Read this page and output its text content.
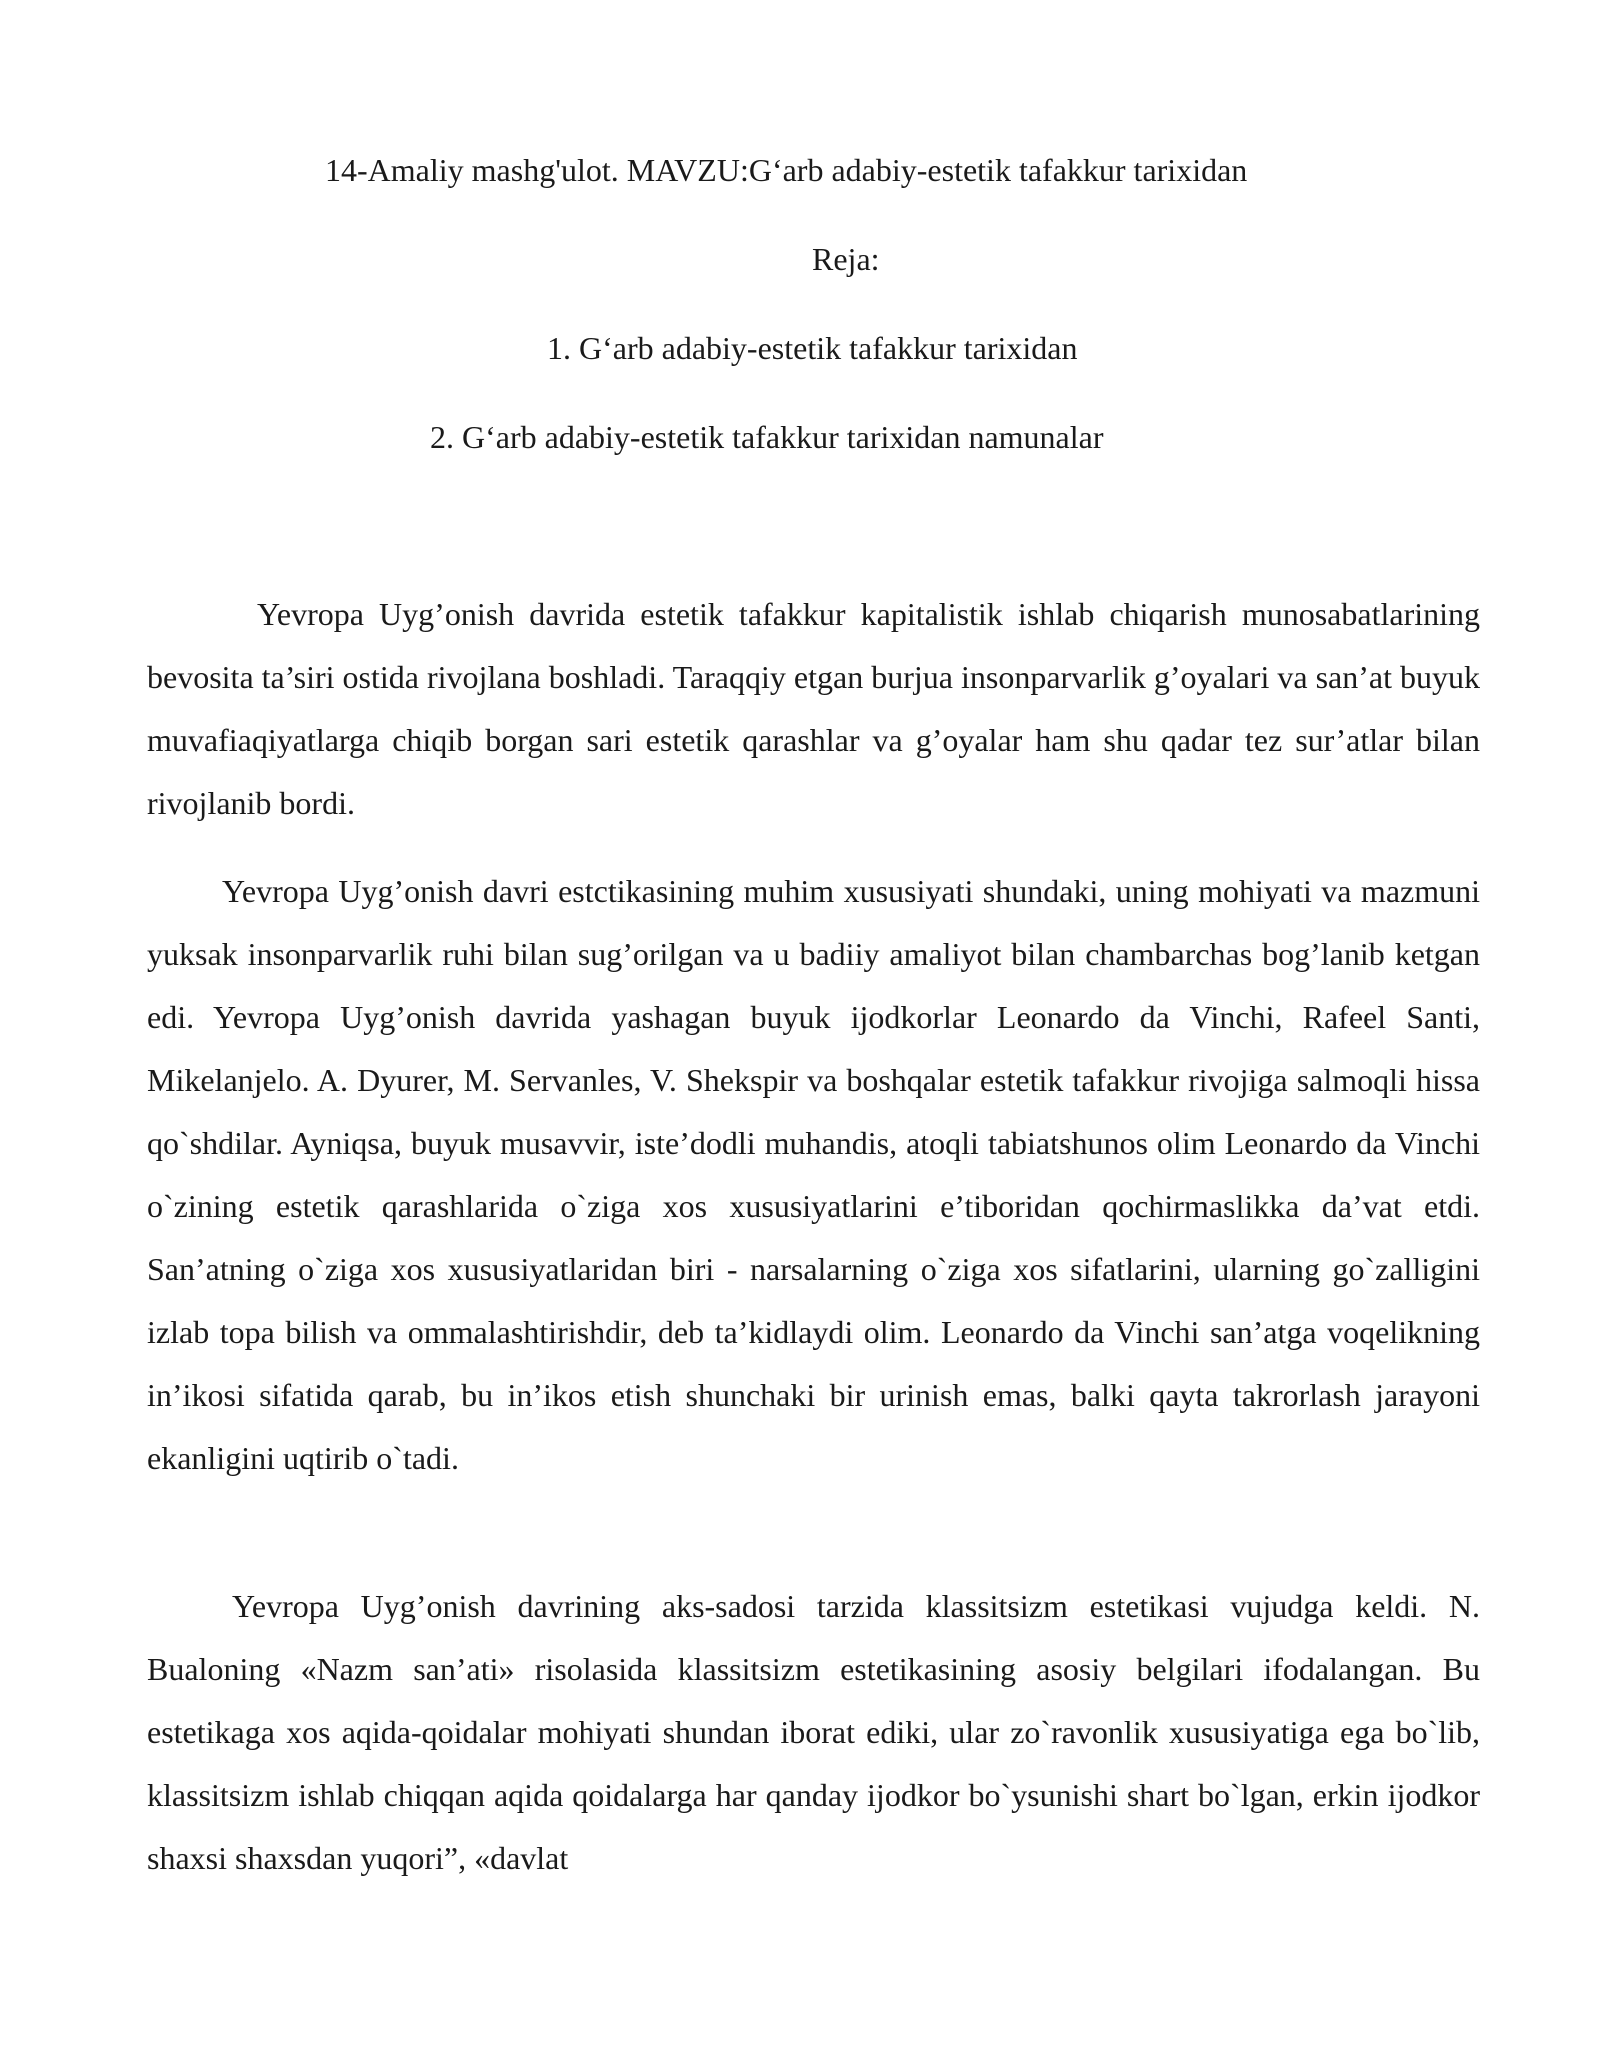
14-Amaliy mashg'ulot. MAVZU:G‘arb adabiy-estetik tafakkur tarixidan
Reja:
1. G‘arb adabiy-estetik tafakkur tarixidan
2. G‘arb adabiy-estetik tafakkur tarixidan namunalar

Yevropa Uyg’onish davrida estetik tafakkur kapitalistik ishlab chiqarish munosabatlarining bevosita ta’siri ostida rivojlana boshladi. Taraqqiy etgan burjua insonparvarlik g’oyalari va san’at buyuk muvafiaqiyatlarga chiqib borgan sari estetik qarashlar va g’oyalar ham shu qadar tez sur’atlar bilan rivojlanib bordi.

Yevropa Uyg’onish davri estctikasining muhim xususiyati shundaki, uning mohiyati va mazmuni yuksak insonparvarlik ruhi bilan sug’orilgan va u badiiy amaliyot bilan chambarchas bog’lanib ketgan edi. Yevropa Uyg’onish davrida yashagan buyuk ijodkorlar Leonardo da Vinchi, Rafeel Santi, Mikelanjelo. A. Dyurer, M. Servanles, V. Shekspir va boshqalar estetik tafakkur rivojiga salmoqli hissa qo`shdilar. Ayniqsa, buyuk musavvir, iste’dodli muhandis, atoqli tabiatshunos olim Leonardo da Vinchi o`zining estetik qarashlarida o`ziga xos xususiyatlarini e’tiboridan qochirmaslikka da’vat etdi. San’atning o`ziga xos xususiyatlaridan biri - narsalarning o`ziga xos sifatlarini, ularning go`zalligini izlab topa bilish va ommalashtirishdir, deb ta’kidlaydi olim. Leonardo da Vinchi san’atga voqelikning in’ikosi sifatida qarab, bu in’ikos etish shunchaki bir urinish emas, balki qayta takrorlash jarayoni ekanligini uqtirib o`tadi.

Yevropa Uyg’onish davrining aks-sadosi tarzida klassitsizm estetikasi vujudga keldi. N. Bualoning «Nazm san’ati» risolasida klassitsizm estetikasining asosiy belgilari ifodalangan. Bu estetikaga xos aqida-qoidalar mohiyati shundan iborat ediki, ular zo`ravonlik xususiyatiga ega bo`lib, klassitsizm ishlab chiqqan aqida qoidalarga har qanday ijodkor bo`ysunishi shart bo`lgan, erkin ijodkor shaxsi shaxsdan yuqori”, «davlat
